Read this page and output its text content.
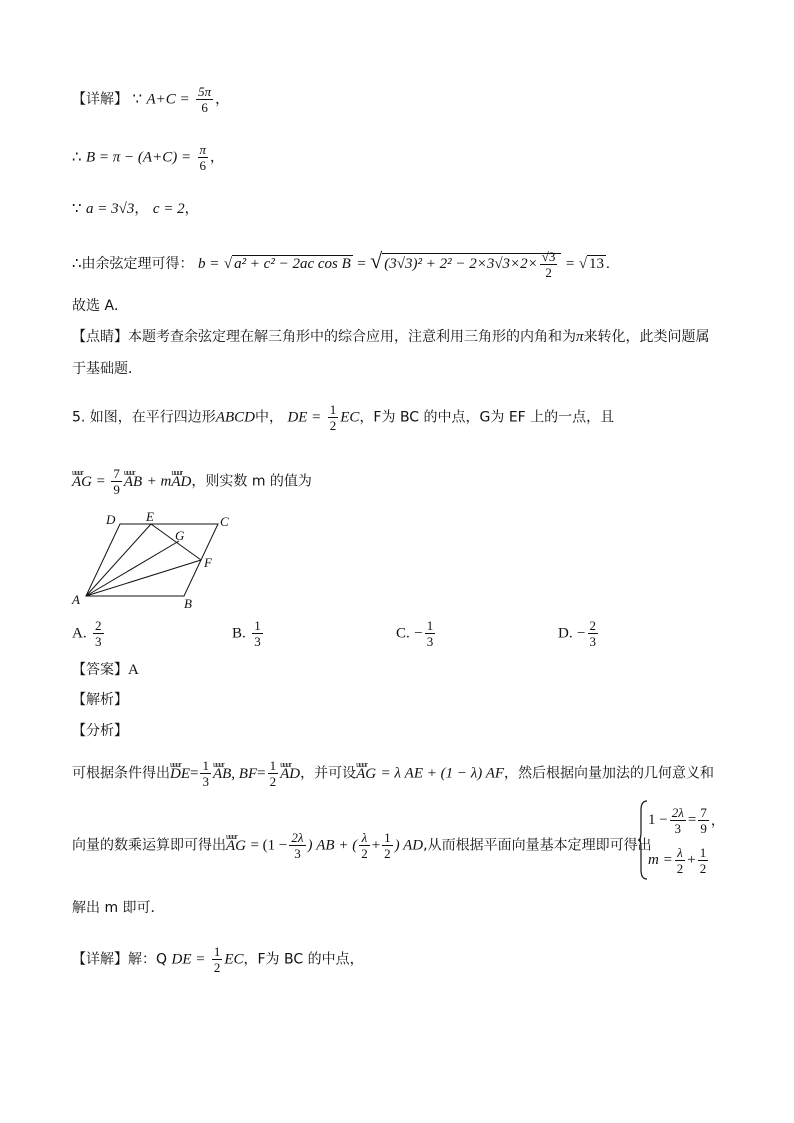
【详解】 ∵ $A+C = \frac{5\pi}{6}$ ，
∴ $B = \pi - (A+C) = \frac{\pi}{6}$ ，
∵ a = 3√3， c = 2，
∴由余弦定理可得： b = √ a² + c² − 2ac cos B = √ $(3√3)^2 + 2^2 - 2\times 3√3\times 2\times \frac{√3}{2}$ = √ 13 .
故选 A．
【点睛】本题考查余弦定理在解三角形中的综合应用，注意利用三角形的内角和为π来转化，此类问题属
于基础题．
5. 如图，在平行四边形ABCD中， DE = $\frac{1}{2}$ EC，F为 BC 的中点，G为 EF 上的一点，且
uuur AG = $\frac{7}{9}$ uuur AB + muuur AD，则实数 m 的值为
D E	C
G
F
A	B
A. $\frac{2}{3}$	B. $\frac{1}{3}$	C. − $\frac{1}{3}$	D. − $\frac{2}{3}$
【答案】A
【解析】
【分析】
可根据条件得出uuur $DE= \frac{1}{3}$ uuur AB, $BF= \frac{1}{2}$ uuur AD，并可设uuur AG = λ AE + (1 − λ) AF，然后根据向量加法的几何意义和
向量的数乘运算即可得出uuur AG = ($1 - \frac{2\lambda}{3}$ ) AB + ( $\frac{\lambda}{2} + \frac{1}{2}$ ) AD,从而根据平面向量基本定理即可得出
$1 - \frac{2\lambda}{3} = \frac{7}{9}$ ，
$m = \frac{\lambda}{2} + \frac{1}{2}$
解出 m 即可．
【详解】解：Q DE = $\frac{1}{2}$ EC，F为 BC 的中点，
